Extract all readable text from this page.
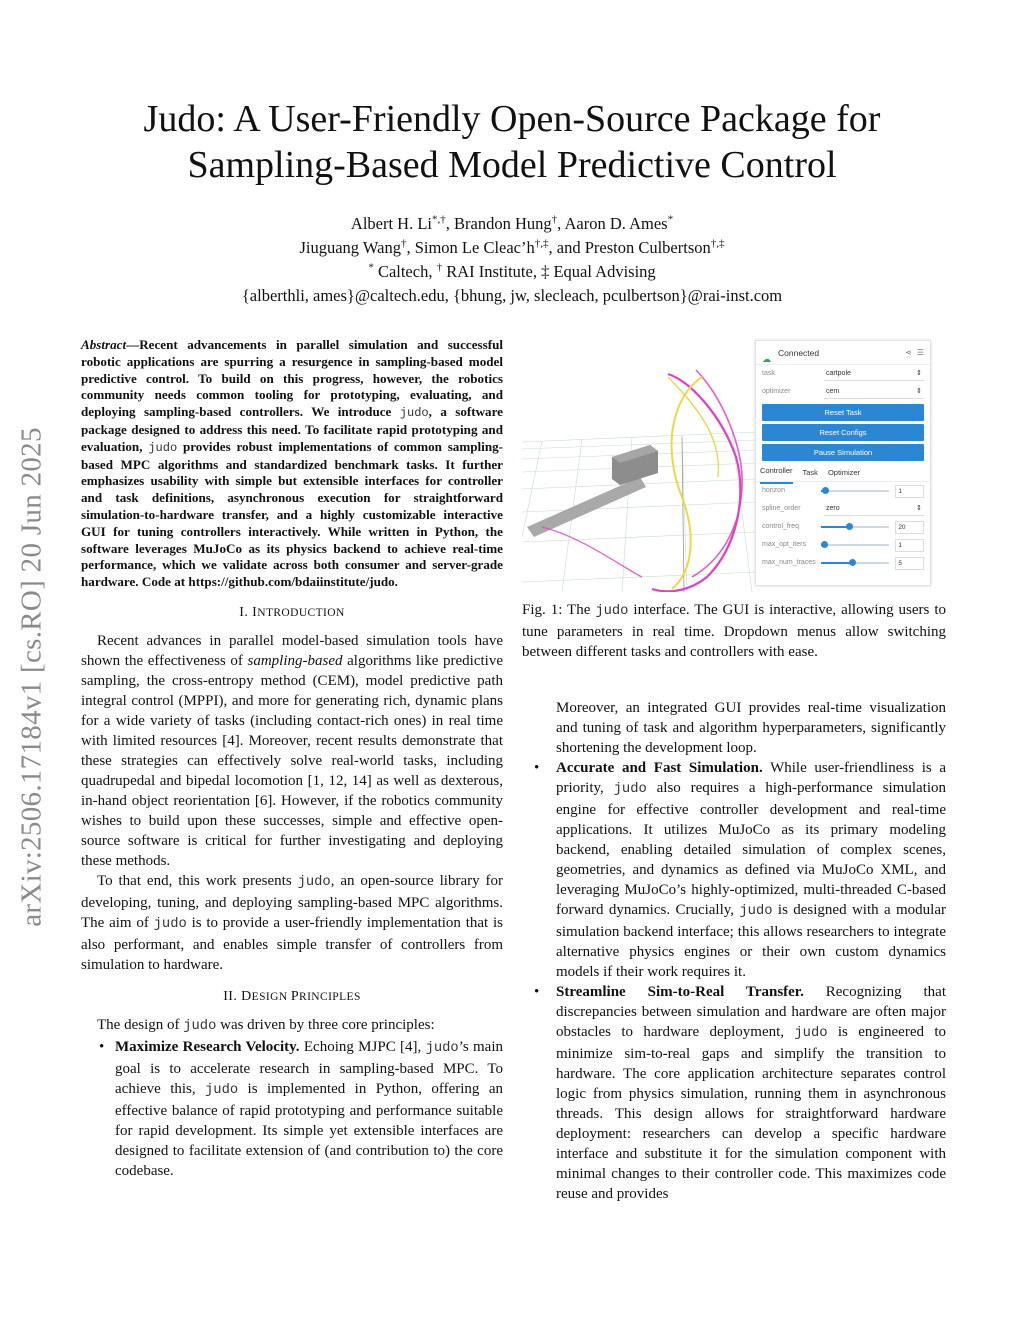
arXiv:2506.17184v1 [cs.RO] 20 Jun 2025
Judo: A User-Friendly Open-Source Package for
Sampling-Based Model Predictive Control
Albert H. Li*,†, Brandon Hung†, Aaron D. Ames*
Jiuguang Wang†, Simon Le Cleac’h†,‡, and Preston Culbertson†,‡
* Caltech, † RAI Institute, ‡ Equal Advising
{alberthli, ames}@caltech.edu, {bhung, jw, slecleach, pculbertson}@rai-inst.com

Abstract—Recent advancements in parallel simulation and successful robotic applications are spurring a resurgence in sampling-based model predictive control. To build on this progress, however, the robotics community needs common tooling for prototyping, evaluating, and deploying sampling-based controllers. We introduce judo, a software package designed to address this need. To facilitate rapid prototyping and evaluation, judo provides robust implementations of common sampling-based MPC algorithms and standardized benchmark tasks. It further emphasizes usability with simple but extensible interfaces for controller and task definitions, asynchronous execution for straightforward simulation-to-hardware transfer, and a highly customizable interactive GUI for tuning controllers interactively. While written in Python, the software leverages MuJoCo as its physics backend to achieve real-time performance, which we validate across both consumer and server-grade hardware. Code at https://github.com/bdaiinstitute/judo.

I. INTRODUCTION

Recent advances in parallel model-based simulation tools have shown the effectiveness of sampling-based algorithms like predictive sampling, the cross-entropy method (CEM), model predictive path integral control (MPPI), and more for generating rich, dynamic plans for a wide variety of tasks (including contact-rich ones) in real time with limited resources [4]. Moreover, recent results demonstrate that these strategies can effectively solve real-world tasks, including quadrupedal and bipedal locomotion [1, 12, 14] as well as dexterous, in-hand object reorientation [6]. However, if the robotics community wishes to build upon these successes, simple and effective open-source software is critical for further investigating and deploying these methods.

To that end, this work presents judo, an open-source library for developing, tuning, and deploying sampling-based MPC algorithms. The aim of judo is to provide a user-friendly implementation that is also performant, and enables simple transfer of controllers from simulation to hardware.

II. DESIGN PRINCIPLES

The design of judo was driven by three core principles:

• Maximize Research Velocity. Echoing MJPC [4], judo’s main goal is to accelerate research in sampling-based MPC. To achieve this, judo is implemented in Python, offering an effective balance of rapid prototyping and performance suitable for rapid development. Its simple yet extensible interfaces are designed to facilitate extension of (and contribution to) the core codebase.
☁
Connected	⋖ ☰
task	cartpole	⇕
optimizer	cem	⇕
Reset Task
Reset Configs
Pause Simulation
Controller Task Optimizer
horizon	1
spline_order	zero	⇕
control_freq	20
max_opt_iters	1
max_num_traces	5

Fig. 1: The judo interface. The GUI is interactive, allowing users to tune parameters in real time. Dropdown menus allow switching between different tasks and controllers with ease.

Moreover, an integrated GUI provides real-time visualization and tuning of task and algorithm hyperparameters, significantly shortening the development loop.
• Accurate and Fast Simulation. While user-friendliness is a priority, judo also requires a high-performance simulation engine for effective controller development and real-time applications. It utilizes MuJoCo as its primary modeling backend, enabling detailed simulation of complex scenes, geometries, and dynamics as defined via MuJoCo XML, and leveraging MuJoCo’s highly-optimized, multi-threaded C-based forward dynamics. Crucially, judo is designed with a modular simulation backend interface; this allows researchers to integrate alternative physics engines or their own custom dynamics models if their work requires it.
• Streamline Sim-to-Real Transfer. Recognizing that discrepancies between simulation and hardware are often major obstacles to hardware deployment, judo is engineered to minimize sim-to-real gaps and simplify the transition to hardware. The core application architecture separates control logic from physics simulation, running them in asynchronous threads. This design allows for straightforward hardware deployment: researchers can develop a specific hardware interface and substitute it for the simulation component with minimal changes to their controller code. This maximizes code reuse and provides
